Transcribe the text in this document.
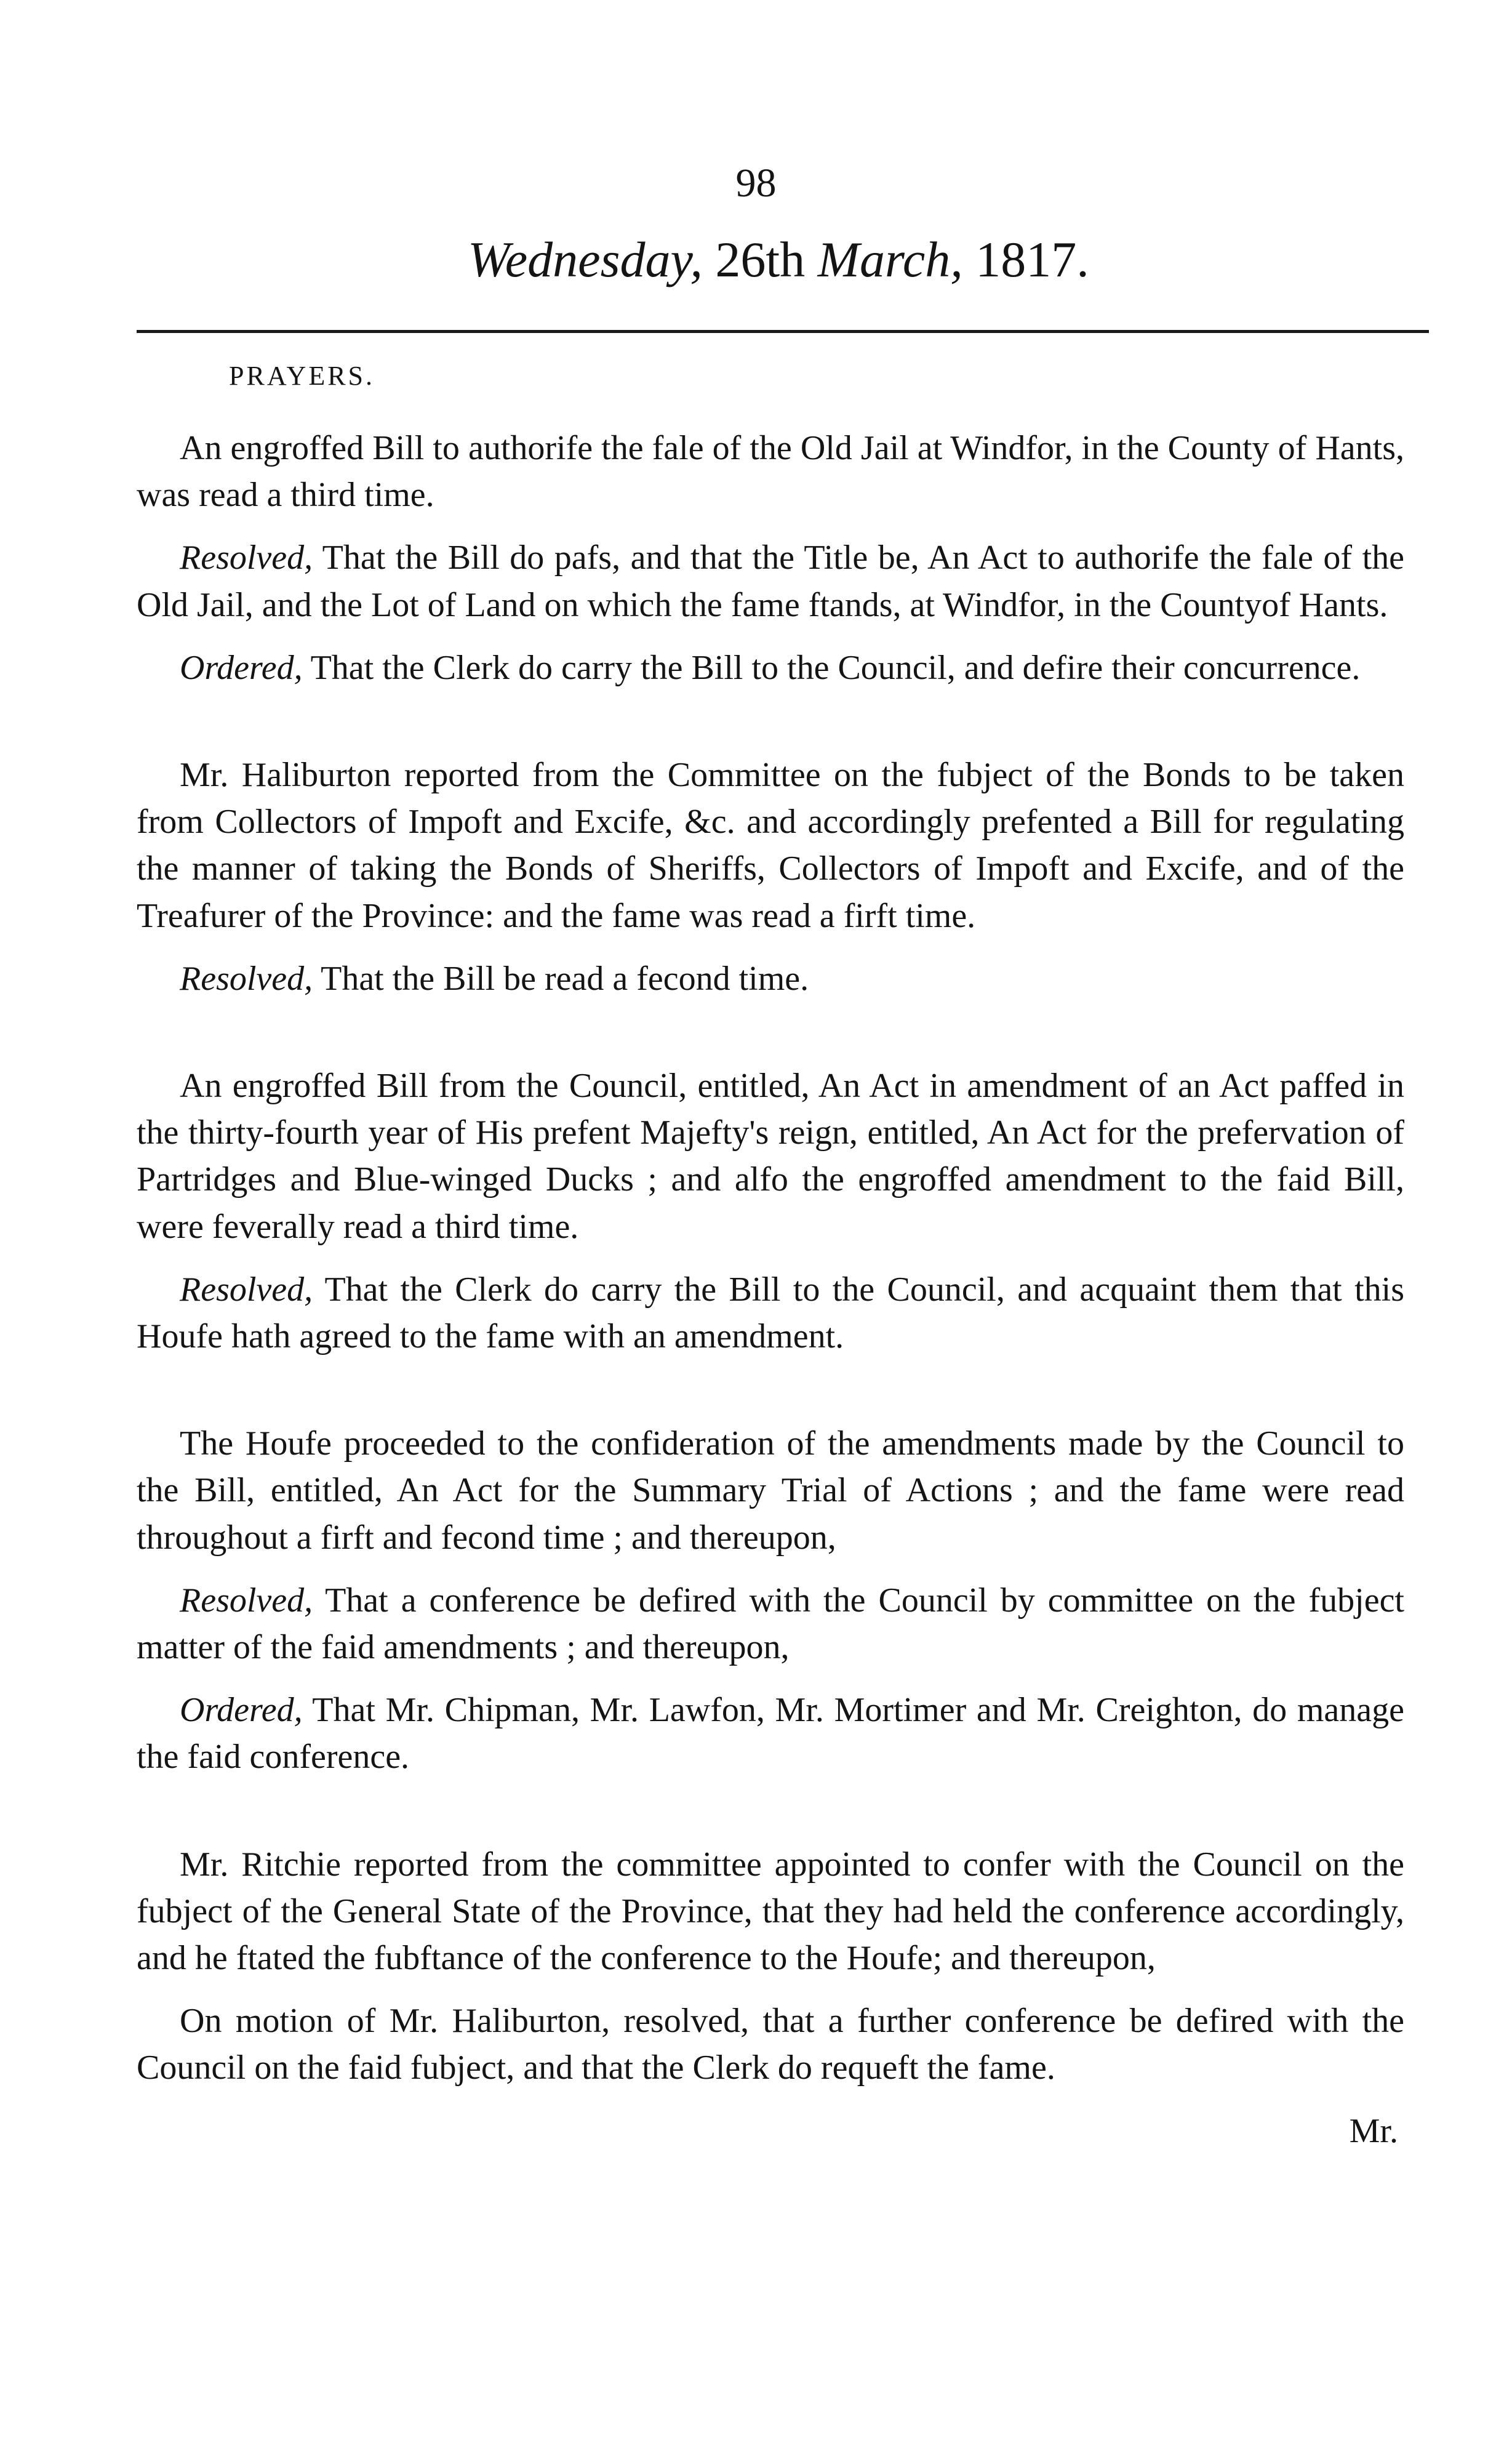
98
Wednesday, 26th March, 1817.
PRAYERS.

An engroffed Bill to authorife the fale of the Old Jail at Windfor, in the County of Hants, was read a third time.

Resolved, That the Bill do pafs, and that the Title be, An Act to authorife the fale of the Old Jail, and the Lot of Land on which the fame ftands, at Windfor, in the Countyof Hants.

Ordered, That the Clerk do carry the Bill to the Council, and defire their concurrence.

Mr. Haliburton reported from the Committee on the fubject of the Bonds to be taken from Collectors of Impoft and Excife, &c. and accordingly prefented a Bill for regulating the manner of taking the Bonds of Sheriffs, Collectors of Impoft and Excife, and of the Treafurer of the Province: and the fame was read a firft time.

Resolved, That the Bill be read a fecond time.

An engroffed Bill from the Council, entitled, An Act in amendment of an Act paffed in the thirty-fourth year of His prefent Majefty's reign, entitled, An Act for the prefervation of Partridges and Blue-winged Ducks ; and alfo the engroffed amendment to the faid Bill, were feverally read a third time.

Resolved, That the Clerk do carry the Bill to the Council, and acquaint them that this Houfe hath agreed to the fame with an amendment.

The Houfe proceeded to the confideration of the amendments made by the Council to the Bill, entitled, An Act for the Summary Trial of Actions ; and the fame were read throughout a firft and fecond time ; and thereupon,

Resolved, That a conference be defired with the Council by committee on the fubject matter of the faid amendments ; and thereupon,

Ordered, That Mr. Chipman, Mr. Lawfon, Mr. Mortimer and Mr. Creighton, do manage the faid conference.

Mr. Ritchie reported from the committee appointed to confer with the Council on the fubject of the General State of the Province, that they had held the conference accordingly, and he ftated the fubftance of the conference to the Houfe; and thereupon,

On motion of Mr. Haliburton, resolved, that a further conference be defired with the Council on the faid fubject, and that the Clerk do requeft the fame.

Mr.
